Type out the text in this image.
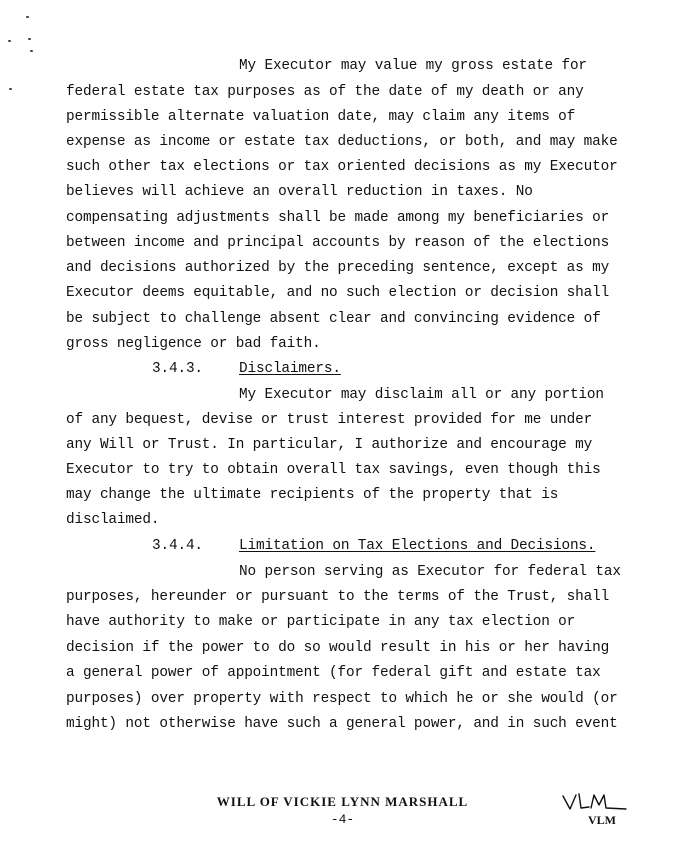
My Executor may value my gross estate for

federal estate tax purposes as of the date of my death or any

permissible alternate valuation date, may claim any items of

expense as income or estate tax deductions, or both, and may make

such other tax elections or tax oriented decisions as my Executor

believes will achieve an overall reduction in taxes. No

compensating adjustments shall be made among my beneficiaries or

between income and principal accounts by reason of the elections

and decisions authorized by the preceding sentence, except as my

Executor deems equitable, and no such election or decision shall

be subject to challenge absent clear and convincing evidence of

gross negligence or bad faith.

3.4.3.	Disclaimers.

My Executor may disclaim all or any portion

of any bequest, devise or trust interest provided for me under

any Will or Trust. In particular, I authorize and encourage my

Executor to try to obtain overall tax savings, even though this

may change the ultimate recipients of the property that is

disclaimed.

3.4.4.	Limitation on Tax Elections and Decisions.

No person serving as Executor for federal tax

purposes, hereunder or pursuant to the terms of the Trust, shall

have authority to make or participate in any tax election or

decision if the power to do so would result in his or her having

a general power of appointment (for federal gift and estate tax

purposes) over property with respect to which he or she would (or

might) not otherwise have such a general power, and in such event

WILL OF VICKIE LYNN MARSHALL
-4-	VLM
